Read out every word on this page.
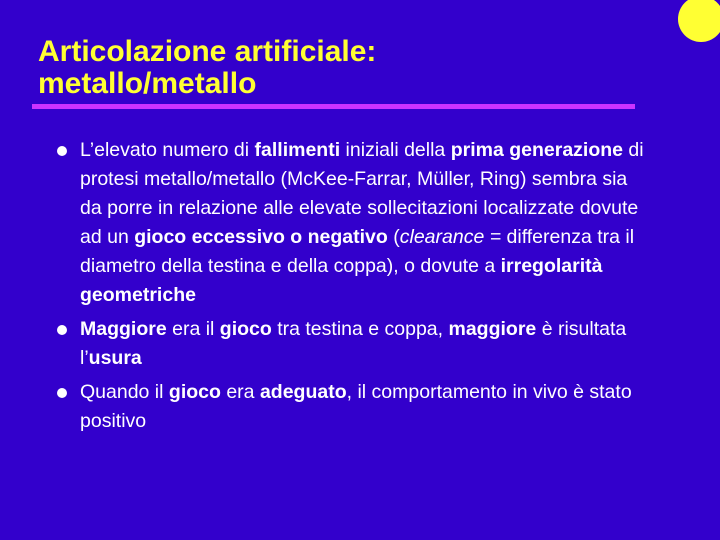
Articolazione artificiale:
metallo/metallo
L’elevato numero di fallimenti iniziali della prima generazione di protesi metallo/metallo (McKee-Farrar, Müller, Ring) sembra sia da porre in relazione alle elevate sollecitazioni localizzate dovute ad un gioco eccessivo o negativo (clearance = differenza tra il diametro della testina e della coppa), o dovute a irregolarità geometriche
Maggiore era il gioco tra testina e coppa, maggiore è risultata l’usura
Quando il gioco era adeguato, il comportamento in vivo è stato positivo
